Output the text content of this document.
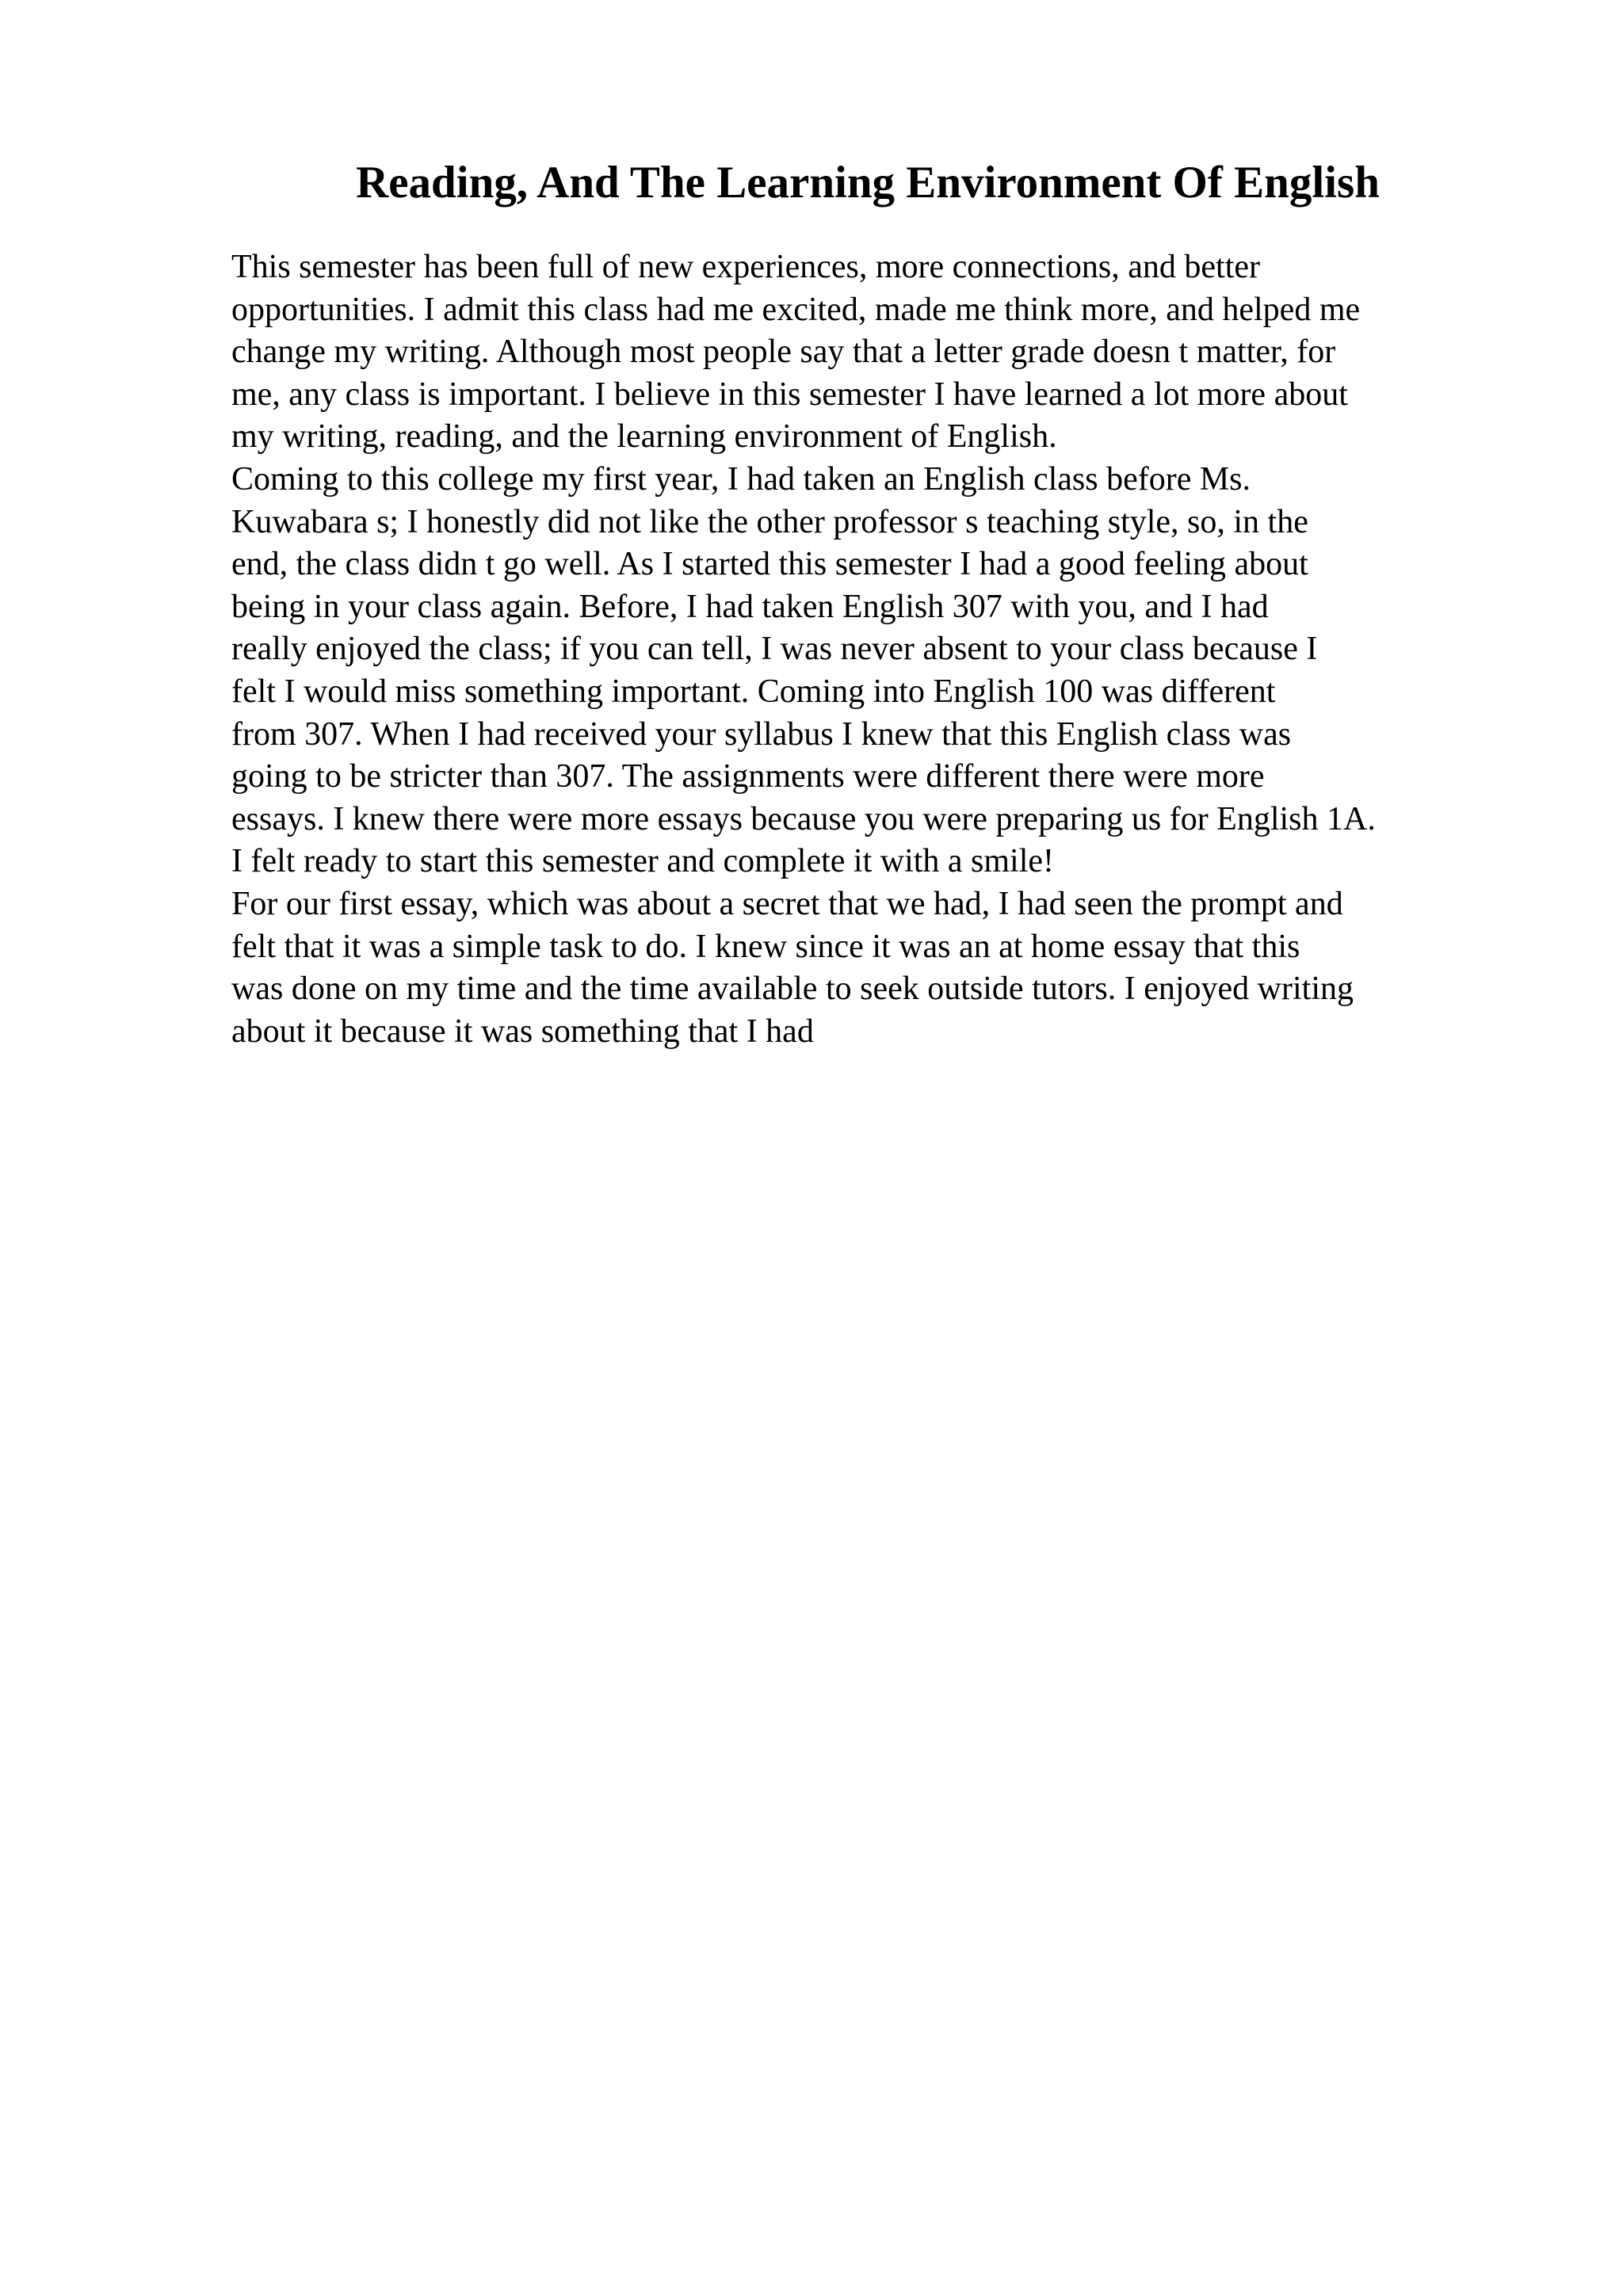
Reading, And The Learning Environment Of English
This semester has been full of new experiences, more connections, and better
opportunities. I admit this class had me excited, made me think more, and helped me
change my writing. Although most people say that a letter grade doesn t matter, for
me, any class is important. I believe in this semester I have learned a lot more about
my writing, reading, and the learning environment of English.
Coming to this college my first year, I had taken an English class before Ms.
Kuwabara s; I honestly did not like the other professor s teaching style, so, in the
end, the class didn t go well. As I started this semester I had a good feeling about
being in your class again. Before, I had taken English 307 with you, and I had
really enjoyed the class; if you can tell, I was never absent to your class because I
felt I would miss something important. Coming into English 100 was different
from 307. When I had received your syllabus I knew that this English class was
going to be stricter than 307. The assignments were different there were more
essays. I knew there were more essays because you were preparing us for English 1A.
I felt ready to start this semester and complete it with a smile!
For our first essay, which was about a secret that we had, I had seen the prompt and
felt that it was a simple task to do. I knew since it was an at home essay that this
was done on my time and the time available to seek outside tutors. I enjoyed writing
about it because it was something that I had
